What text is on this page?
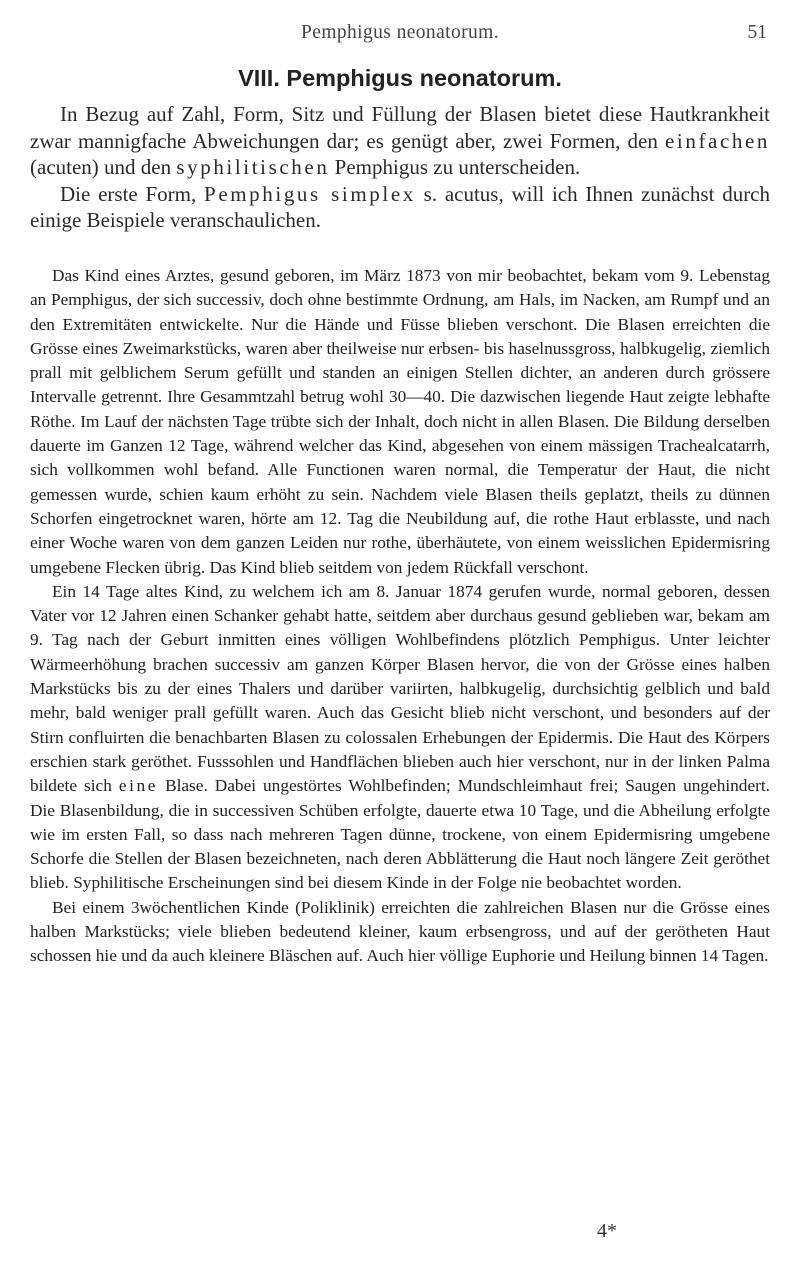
Pemphigus neonatorum.	51
VIII. Pemphigus neonatorum.

In Bezug auf Zahl, Form, Sitz und Füllung der Blasen bietet diese Hautkrankheit zwar mannigfache Abweichungen dar; es genügt aber, zwei Formen, den einfachen (acuten) und den syphilitischen Pemphigus zu unterscheiden.

Die erste Form, Pemphigus simplex s. acutus, will ich Ihnen zunächst durch einige Beispiele veranschaulichen.

Das Kind eines Arztes, gesund geboren, im März 1873 von mir beobachtet, bekam vom 9. Lebenstag an Pemphigus, der sich successiv, doch ohne bestimmte Ordnung, am Hals, im Nacken, am Rumpf und an den Extremitäten entwickelte. Nur die Hände und Füsse blieben verschont. Die Blasen erreichten die Grösse eines Zweimarkstücks, waren aber theilweise nur erbsen- bis haselnussgross, halbkugelig, ziemlich prall mit gelblichem Serum gefüllt und standen an einigen Stellen dichter, an anderen durch grössere Intervalle getrennt. Ihre Gesammtzahl betrug wohl 30—40. Die dazwischen liegende Haut zeigte lebhafte Röthe. Im Lauf der nächsten Tage trübte sich der Inhalt, doch nicht in allen Blasen. Die Bildung derselben dauerte im Ganzen 12 Tage, während welcher das Kind, abgesehen von einem mässigen Trachealcatarrh, sich vollkommen wohl befand. Alle Functionen waren normal, die Temperatur der Haut, die nicht gemessen wurde, schien kaum erhöht zu sein. Nachdem viele Blasen theils geplatzt, theils zu dünnen Schorfen eingetrocknet waren, hörte am 12. Tag die Neubildung auf, die rothe Haut erblasste, und nach einer Woche waren von dem ganzen Leiden nur rothe, überhäutete, von einem weisslichen Epidermisring umgebene Flecken übrig. Das Kind blieb seitdem von jedem Rückfall verschont.

Ein 14 Tage altes Kind, zu welchem ich am 8. Januar 1874 gerufen wurde, normal geboren, dessen Vater vor 12 Jahren einen Schanker gehabt hatte, seitdem aber durchaus gesund geblieben war, bekam am 9. Tag nach der Geburt inmitten eines völligen Wohlbefindens plötzlich Pemphigus. Unter leichter Wärmeerhöhung brachen successiv am ganzen Körper Blasen hervor, die von der Grösse eines halben Markstücks bis zu der eines Thalers und darüber variirten, halbkugelig, durchsichtig gelblich und bald mehr, bald weniger prall gefüllt waren. Auch das Gesicht blieb nicht verschont, und besonders auf der Stirn confluirten die benachbarten Blasen zu colossalen Erhebungen der Epidermis. Die Haut des Körpers erschien stark geröthet. Fusssohlen und Handflächen blieben auch hier verschont, nur in der linken Palma bildete sich eine Blase. Dabei ungestörtes Wohlbefinden; Mundschleimhaut frei; Saugen ungehindert. Die Blasenbildung, die in successiven Schüben erfolgte, dauerte etwa 10 Tage, und die Abheilung erfolgte wie im ersten Fall, so dass nach mehreren Tagen dünne, trockene, von einem Epidermisring umgebene Schorfe die Stellen der Blasen bezeichneten, nach deren Abblätterung die Haut noch längere Zeit geröthet blieb. Syphilitische Erscheinungen sind bei diesem Kinde in der Folge nie beobachtet worden.

Bei einem 3wöchentlichen Kinde (Poliklinik) erreichten die zahlreichen Blasen nur die Grösse eines halben Markstücks; viele blieben bedeutend kleiner, kaum erbsengross, und auf der gerötheten Haut schossen hie und da auch kleinere Bläschen auf. Auch hier völlige Euphorie und Heilung binnen 14 Tagen.

4*
